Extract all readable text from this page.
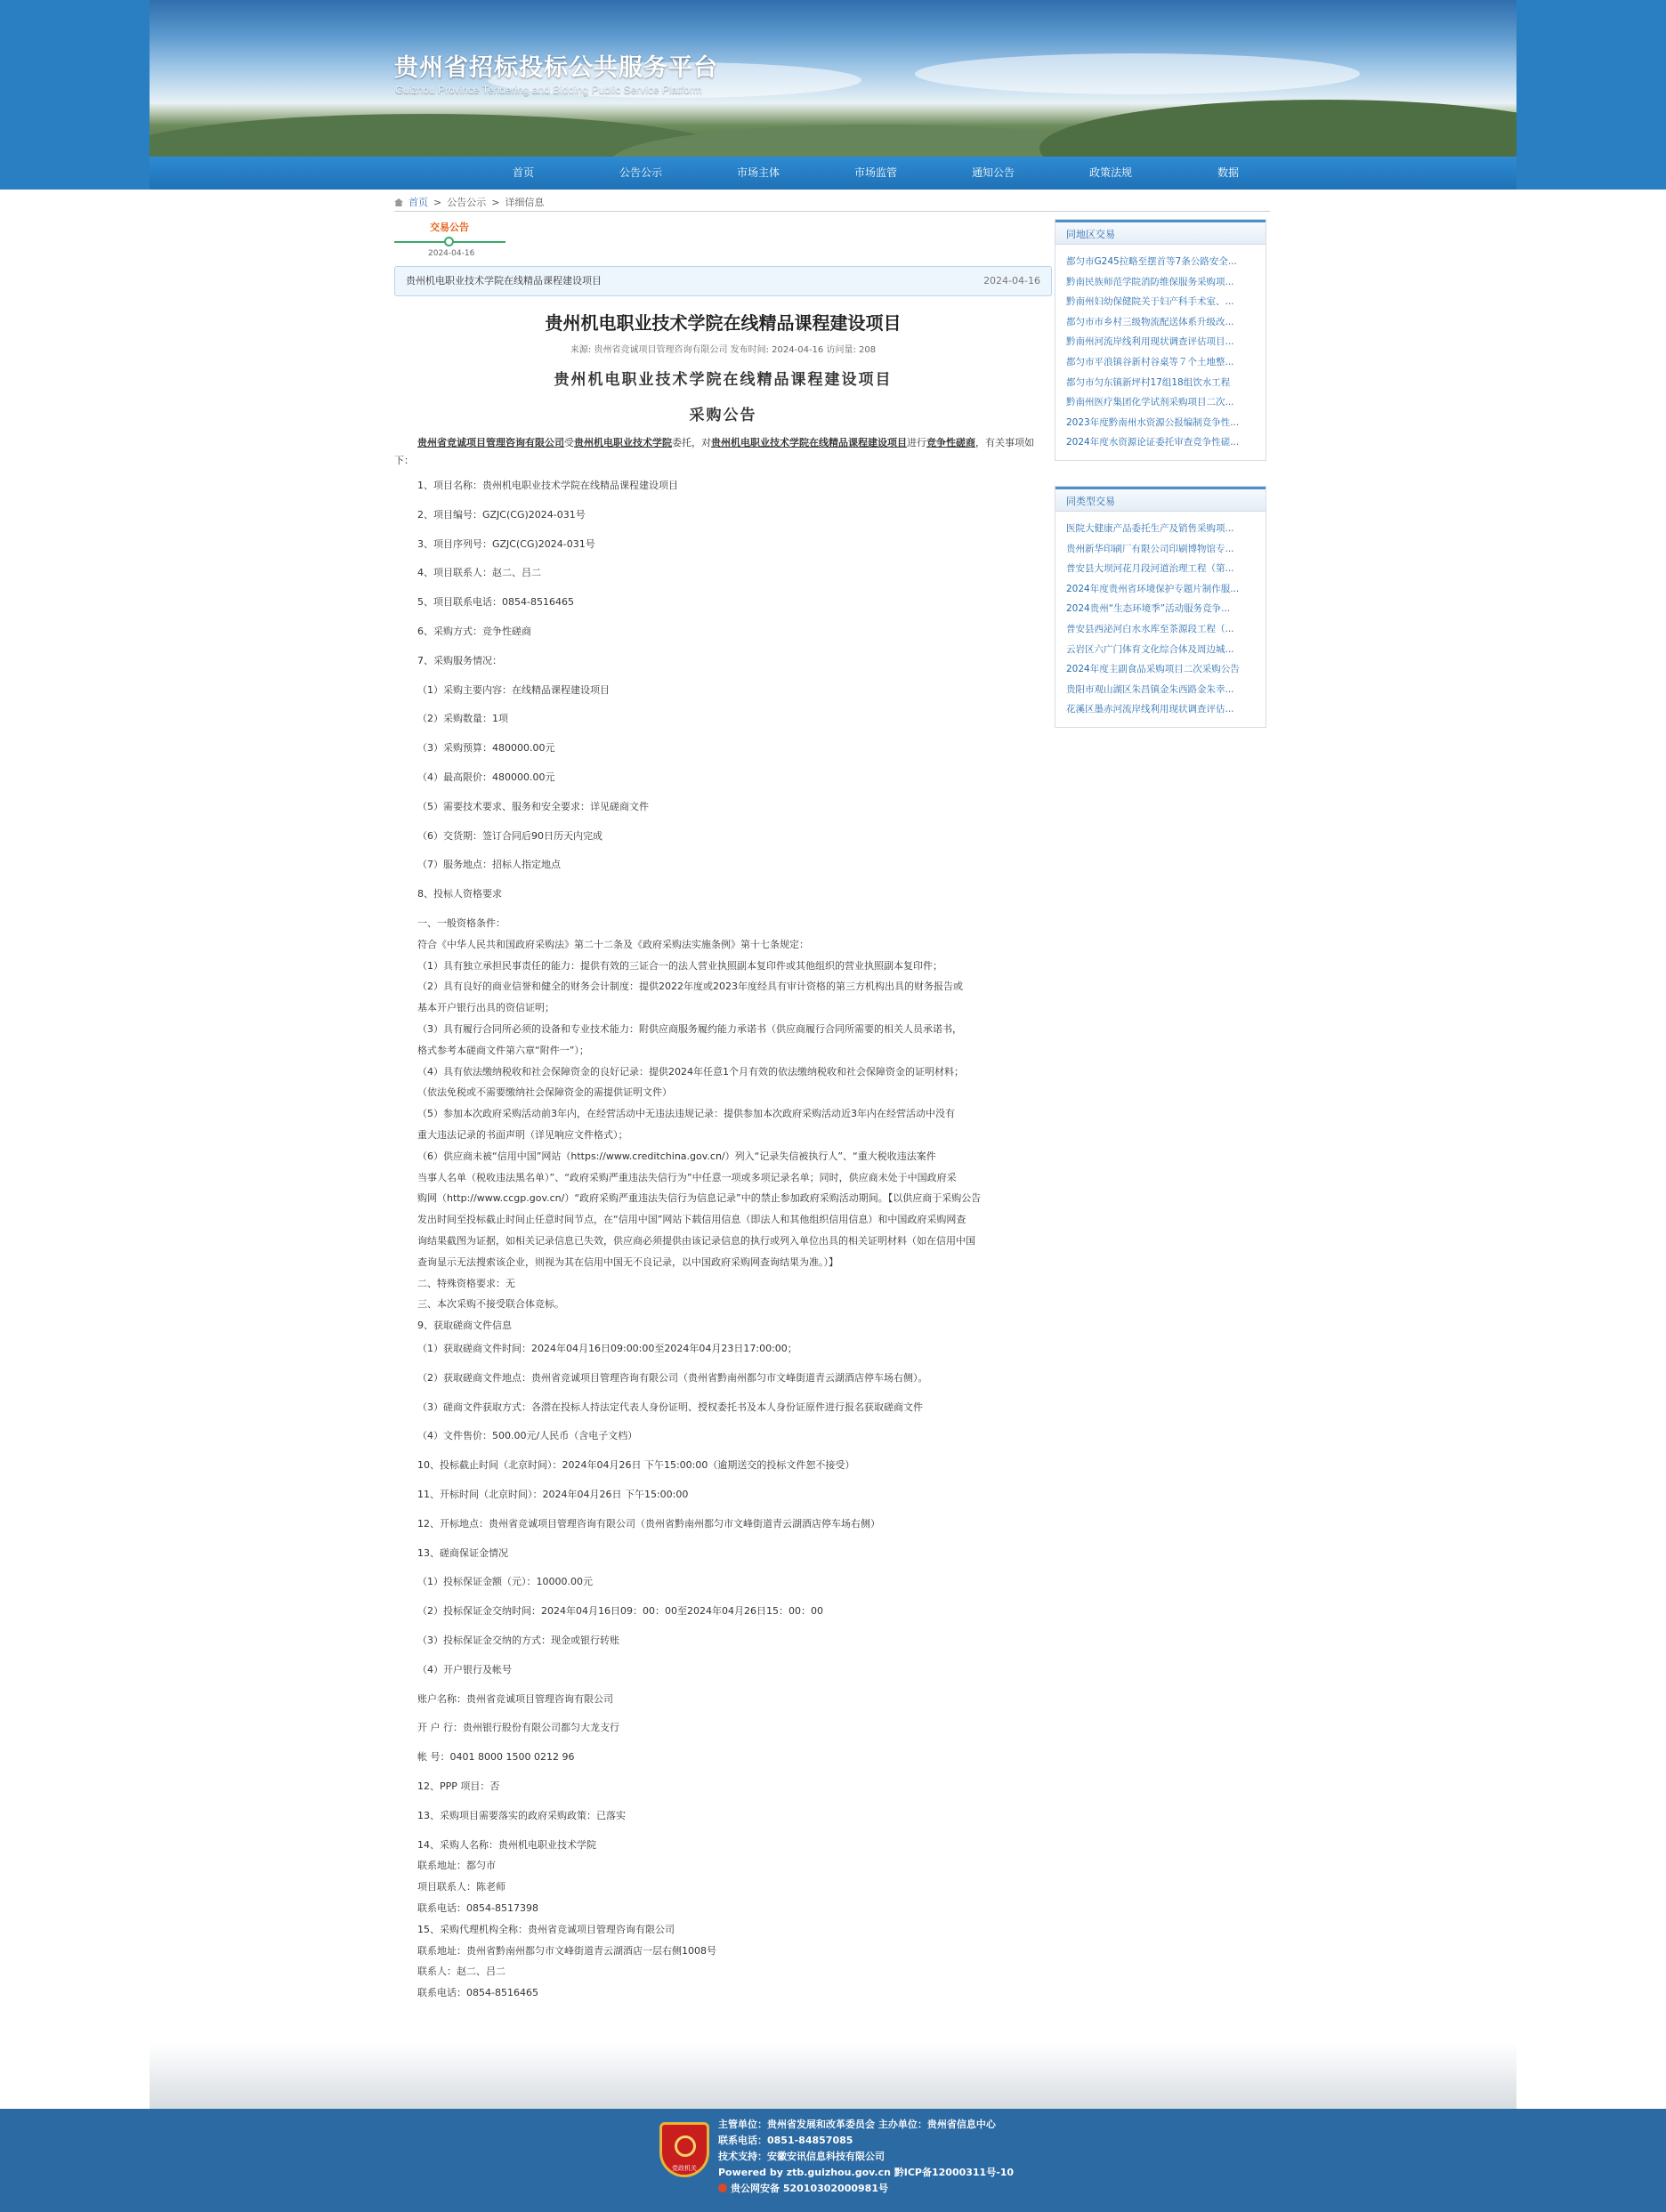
贵州省招标投标公共服务平台
Guizhou Province Tendering and Bidding Public Service Platform
首页	公告公示	市场主体	市场监管	通知公告	政策法规	数据
首页 > 公告公示 > 详细信息
交易公告
2024-04-16
贵州机电职业技术学院在线精品课程建设项目	2024-04-16
贵州机电职业技术学院在线精品课程建设项目
来源: 贵州省竞诚项目管理咨询有限公司 发布时间: 2024-04-16 访问量: 208
贵州机电职业技术学院在线精品课程建设项目
采购公告
贵州省竞诚项目管理咨询有限公司受贵州机电职业技术学院委托，对贵州机电职业技术学院在线精品课程建设项目进行竞争性磋商，有关事项如下：

1、项目名称：贵州机电职业技术学院在线精品课程建设项目

2、项目编号：GZJC(CG)2024-031号

3、项目序列号：GZJC(CG)2024-031号

4、项目联系人：赵二、吕二

5、项目联系电话：0854-8516465

6、采购方式：竞争性磋商

7、采购服务情况：

（1）采购主要内容：在线精品课程建设项目

（2）采购数量：1项

（3）采购预算：480000.00元

（4）最高限价：480000.00元

（5）需要技术要求、服务和安全要求：详见磋商文件

（6）交货期：签订合同后90日历天内完成

（7）服务地点：招标人指定地点

8、投标人资格要求

一、一般资格条件：

符合《中华人民共和国政府采购法》第二十二条及《政府采购法实施条例》第十七条规定：

（1）具有独立承担民事责任的能力：提供有效的三证合一的法人营业执照副本复印件或其他组织的营业执照副本复印件；

（2）具有良好的商业信誉和健全的财务会计制度：提供2022年度或2023年度经具有审计资格的第三方机构出具的财务报告或

基本开户银行出具的资信证明；

（3）具有履行合同所必须的设备和专业技术能力：附供应商服务履约能力承诺书（供应商履行合同所需要的相关人员承诺书，

格式参考本磋商文件第六章“附件一”）；

（4）具有依法缴纳税收和社会保障资金的良好记录：提供2024年任意1个月有效的依法缴纳税收和社会保障资金的证明材料；

（依法免税或不需要缴纳社会保障资金的需提供证明文件）

（5）参加本次政府采购活动前3年内，在经营活动中无违法违规记录：提供参加本次政府采购活动近3年内在经营活动中没有

重大违法记录的书面声明（详见响应文件格式）；

（6）供应商未被“信用中国”网站（https://www.creditchina.gov.cn/）列入“记录失信被执行人”、“重大税收违法案件

当事人名单（税收违法黑名单）”、“政府采购严重违法失信行为”中任意一项或多项记录名单；同时，供应商未处于中国政府采

购网（http://www.ccgp.gov.cn/）“政府采购严重违法失信行为信息记录”中的禁止参加政府采购活动期间。【以供应商于采购公告

发出时间至投标截止时间止任意时间节点，在“信用中国”网站下载信用信息（即法人和其他组织信用信息）和中国政府采购网查

询结果截图为证据，如相关记录信息已失效，供应商必须提供由该记录信息的执行或列入单位出具的相关证明材料（如在信用中国

查询显示无法搜索该企业，则视为其在信用中国无不良记录，以中国政府采购网查询结果为准。）】

二、特殊资格要求：无

三、本次采购不接受联合体竞标。

9、获取磋商文件信息

（1）获取磋商文件时间：2024年04月16日09:00:00至2024年04月23日17:00:00；

（2）获取磋商文件地点：贵州省竞诚项目管理咨询有限公司（贵州省黔南州都匀市文峰街道青云湖酒店停车场右侧）。

（3）磋商文件获取方式：各潜在投标人持法定代表人身份证明、授权委托书及本人身份证原件进行报名获取磋商文件

（4）文件售价：500.00元/人民币（含电子文档）

10、投标截止时间（北京时间）：2024年04月26日 下午15:00:00（逾期送交的投标文件恕不接受）

11、开标时间（北京时间）：2024年04月26日 下午15:00:00

12、开标地点：贵州省竞诚项目管理咨询有限公司（贵州省黔南州都匀市文峰街道青云湖酒店停车场右侧）

13、磋商保证金情况

（1）投标保证金额（元）：10000.00元

（2）投标保证金交纳时间：2024年04月16日09：00：00至2024年04月26日15：00：00

（3）投标保证金交纳的方式：现金或银行转账

（4）开户银行及帐号

账户名称：贵州省竞诚项目管理咨询有限公司

开 户 行：贵州银行股份有限公司都匀大龙支行

帐 号：0401 8000 1500 0212 96

12、PPP 项目：否

13、采购项目需要落实的政府采购政策：已落实

14、采购人名称：贵州机电职业技术学院

联系地址：都匀市

项目联系人：陈老师

联系电话：0854-8517398

15、采购代理机构全称：贵州省竞诚项目管理咨询有限公司

联系地址：贵州省黔南州都匀市文峰街道青云湖酒店一层右侧1008号

联系人：赵二、吕二

联系电话：0854-8516465

同地区交易
都匀市G245拉略至摆首等7条公路安全...
黔南民族师范学院消防维保服务采购项...
黔南州妇幼保健院关于妇产科手术室、...
都匀市市乡村三级物流配送体系升级改...
黔南州河流岸线利用现状调查评估项目...
都匀市平浪镇谷新村谷桌等７个土地整...
都匀市匀东镇新坪村17组18组饮水工程
黔南州医疗集团化学试剂采购项目二次...
2023年度黔南州水资源公报编制竞争性...
2024年度水资源论证委托审查竞争性磋...
同类型交易
医院大健康产品委托生产及销售采购项...
贵州新华印刷厂有限公司印刷博物馆专...
普安县大坝河花月段河道治理工程（第...
2024年度贵州省环境保护专题片制作服...
2024贵州“生态环境季”活动服务竞争...
普安县西泌河白水水库至茶源段工程（...
云岩区六广门体育文化综合体及周边城...
2024年度主副食品采购项目二次采购公告
贵阳市观山湖区朱昌镇金朱西路金朱幸...
花溪区墨赤河流岸线利用现状调查评估...
党政机关
主管单位：贵州省发展和改革委员会 主办单位：贵州省信息中心
联系电话：0851-84857085
技术支持：安徽安讯信息科技有限公司
Powered by ztb.guizhou.gov.cn 黔ICP备12000311号-10
贵公网安备 52010302000981号
